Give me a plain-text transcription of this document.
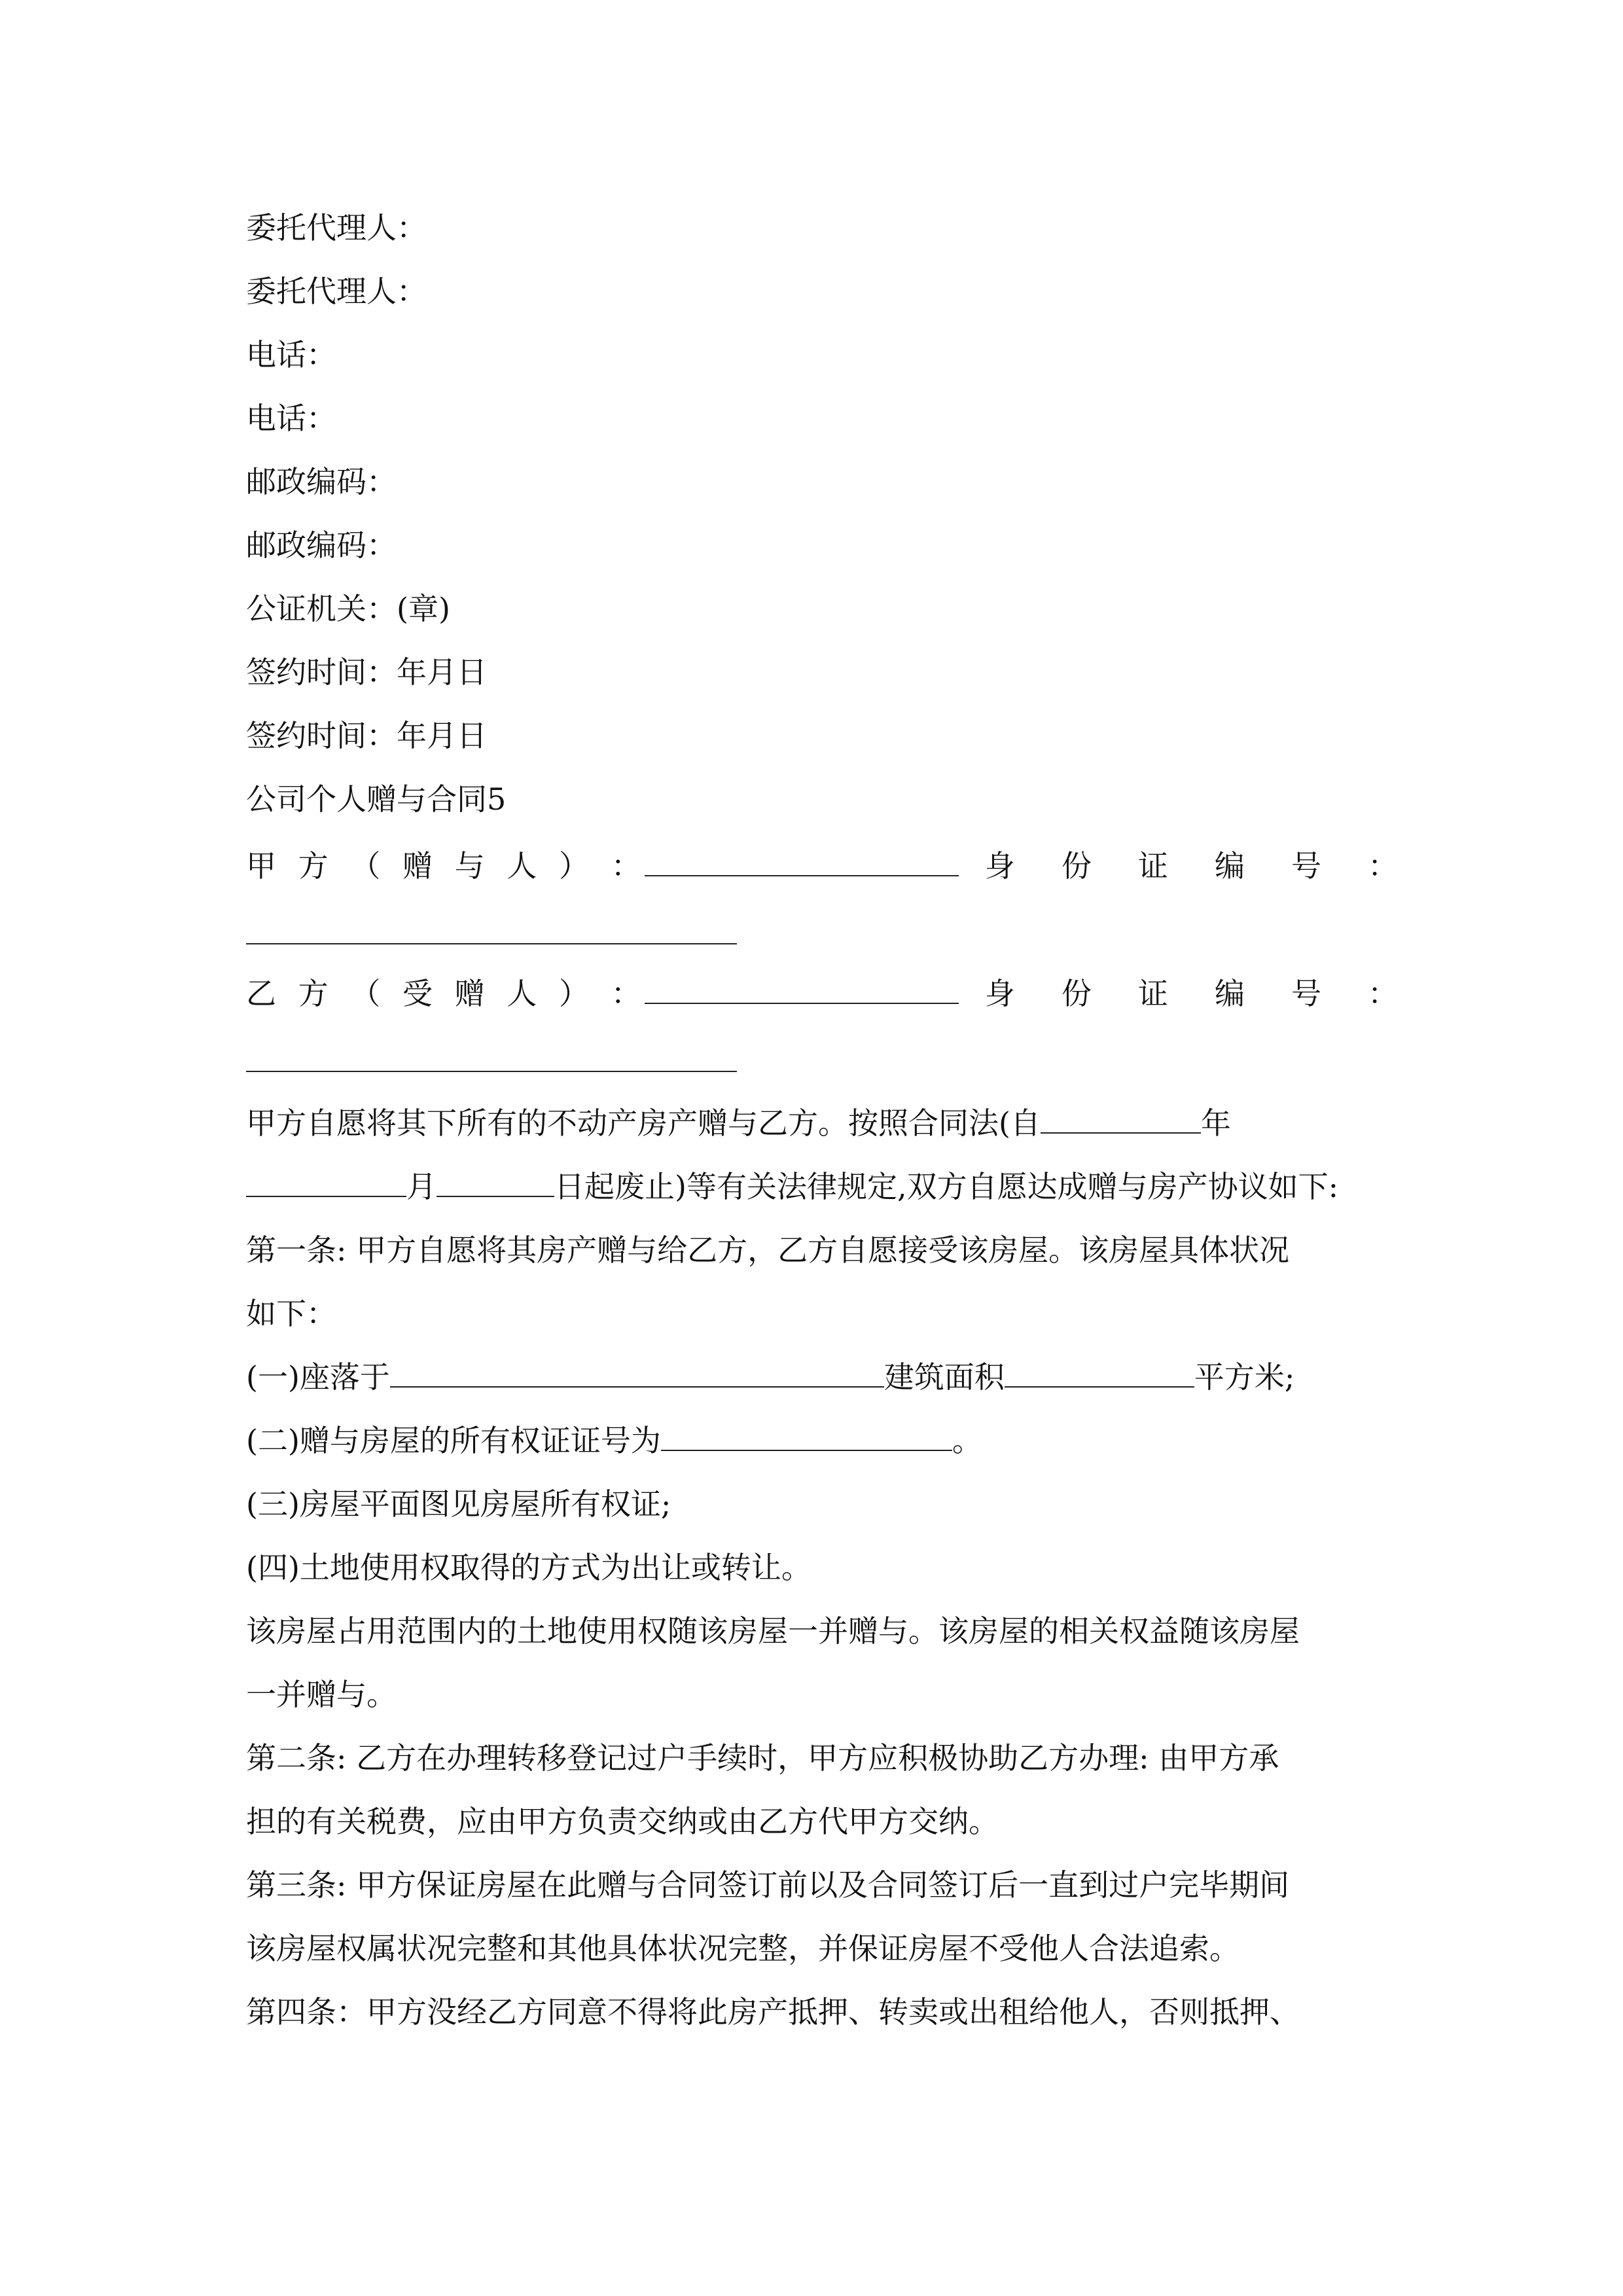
委托代理人：
委托代理人：
电话：
电话：
邮政编码：
邮政编码：
公证机关：(章)
签约时间：年月日
签约时间：年月日
公司个人赠与合同5
甲 方 （ 赠 与 人 ） ：	身 份 证 编 号 ：
乙 方 （ 受 赠 人 ） ：	身 份 证 编 号 ：
甲方自愿将其下所有的不动产房产赠与乙方。按照合同法(自	年
月	日起废止)等有关法律规定,双方自愿达成赠与房产协议如下:
第一条: 甲方自愿将其房产赠与给乙方，乙方自愿接受该房屋。该房屋具体状况
如下：
(一)座落于	建筑面积	平方米;
(二)赠与房屋的所有权证证号为	。
(三)房屋平面图见房屋所有权证;
(四)土地使用权取得的方式为出让或转让。
该房屋占用范围内的土地使用权随该房屋一并赠与。该房屋的相关权益随该房屋
一并赠与。
第二条: 乙方在办理转移登记过户手续时，甲方应积极协助乙方办理: 由甲方承
担的有关税费，应由甲方负责交纳或由乙方代甲方交纳。
第三条: 甲方保证房屋在此赠与合同签订前以及合同签订后一直到过户完毕期间
该房屋权属状况完整和其他具体状况完整，并保证房屋不受他人合法追索。
第四条：甲方没经乙方同意不得将此房产抵押、转卖或出租给他人，否则抵押、
